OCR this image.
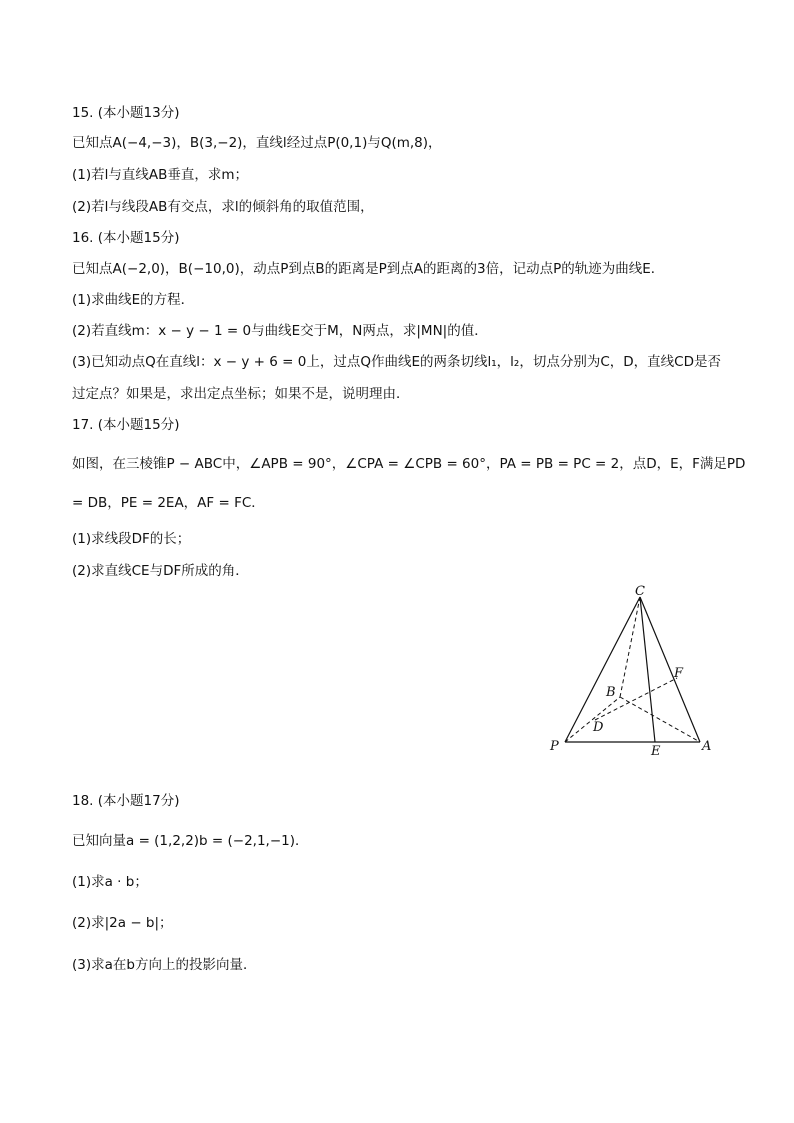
15. (本小题13分)
已知点A(−4,−3)，B(3,−2)，直线l经过点P(0,1)与Q(m,8)，
(1)若l与直线AB垂直，求m；
(2)若l与线段AB有交点，求l的倾斜角的取值范围，
16. (本小题15分)
已知点A(−2,0)，B(−10,0)，动点P到点B的距离是P到点A的距离的3倍，记动点P的轨迹为曲线E．
(1)求曲线E的方程．
(2)若直线m：x − y − 1 = 0与曲线E交于M，N两点，求|MN|的值．
(3)已知动点Q在直线l：x − y + 6 = 0上，过点Q作曲线E的两条切线l₁，l₂，切点分别为C，D，直线CD是否
过定点？如果是，求出定点坐标；如果不是，说明理由．
17. (本小题15分)
如图，在三棱锥P − ABC中，∠APB = 90°，∠CPA = ∠CPB = 60°，PA = PB = PC = 2，点D，E，F满足PD
= DB，PE = 2EA，AF = FC．
(1)求线段DF的长；
(2)求直线CE与DF所成的角．
C
F
B
D
P	E	A
18. (本小题17分)
已知向量a = (1,2,2)b = (−2,1,−1)．
(1)求a · b；
(2)求|2a − b|；
(3)求a在b方向上的投影向量．
